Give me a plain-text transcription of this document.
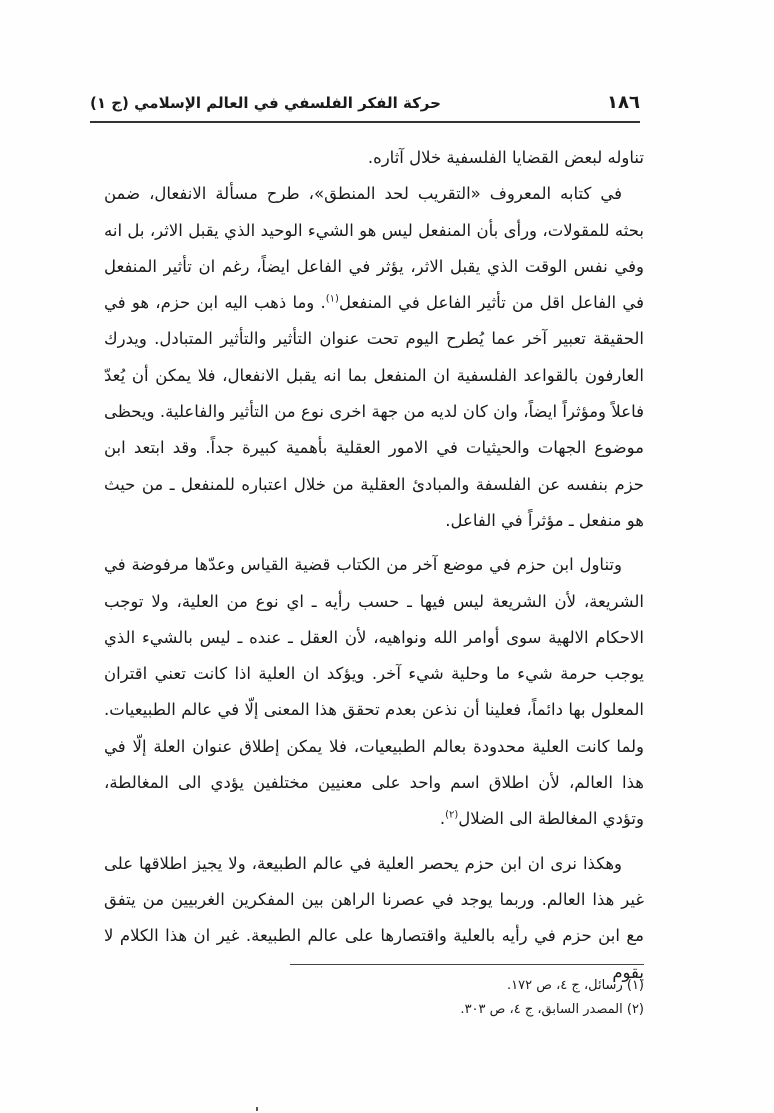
١٨٦
حركة الفكر الفلسفي في العالم الإسلامي (ج ١)

تناوله لبعض القضايا الفلسفية خلال آثاره.

في كتابه المعروف «التقريب لحد المنطق»، طرح مسألة الانفعال، ضمن بحثه للمقولات، ورأى بأن المنفعل ليس هو الشيء الوحيد الذي يقبل الاثر، بل انه وفي نفس الوقت الذي يقبل الاثر، يؤثر في الفاعل ايضاً، رغم ان تأثير المنفعل في الفاعل اقل من تأثير الفاعل في المنفعل$^{(١)}$. وما ذهب اليه ابن حزم، هو في الحقيقة تعبير آخر عما يُطرح اليوم تحت عنوان التأثير والتأثير المتبادل. ويدرك العارفون بالقواعد الفلسفية ان المنفعل بما انه يقبل الانفعال، فلا يمكن أن يُعدّ فاعلاً ومؤثراً ايضاً، وان كان لديه من جهة اخرى نوع من التأثير والفاعلية. ويحظى موضوع الجهات والحيثيات في الامور العقلية بأهمية كبيرة جداً. وقد ابتعد ابن حزم بنفسه عن الفلسفة والمبادئ العقلية من خلال اعتباره للمنفعل ـ من حيث هو منفعل ـ مؤثراً في الفاعل.

وتناول ابن حزم في موضع آخر من الكتاب قضية القياس وعدّها مرفوضة في الشريعة، لأن الشريعة ليس فيها ـ حسب رأيه ـ اي نوع من العلية، ولا توجب الاحكام الالهية سوى أوامر الله ونواهيه، لأن العقل ـ عنده ـ ليس بالشيء الذي يوجب حرمة شيء ما وحلية شيء آخر. ويؤكد ان العلية اذا كانت تعني اقتران المعلول بها دائماً، فعلينا أن نذعن بعدم تحقق هذا المعنى إلّا في عالم الطبيعيات. ولما كانت العلية محدودة بعالم الطبيعيات، فلا يمكن إطلاق عنوان العلة إلّا في هذا العالم، لأن اطلاق اسم واحد على معنيين مختلفين يؤدي الى المغالطة، وتؤدي المغالطة الى الضلال$^{(٢)}$.

وهكذا نرى ان ابن حزم يحصر العلية في عالم الطبيعة، ولا يجيز اطلاقها على غير هذا العالم. وربما يوجد في عصرنا الراهن بين المفكرين الغربيين من يتفق مع ابن حزم في رأيه بالعلية واقتصارها على عالم الطبيعة. غير ان هذا الكلام لا يقوم

(١) رسائل، ج ٤، ص ١٧٢.
(٢) المصدر السابق، ج ٤، ص ٣٠٣.
